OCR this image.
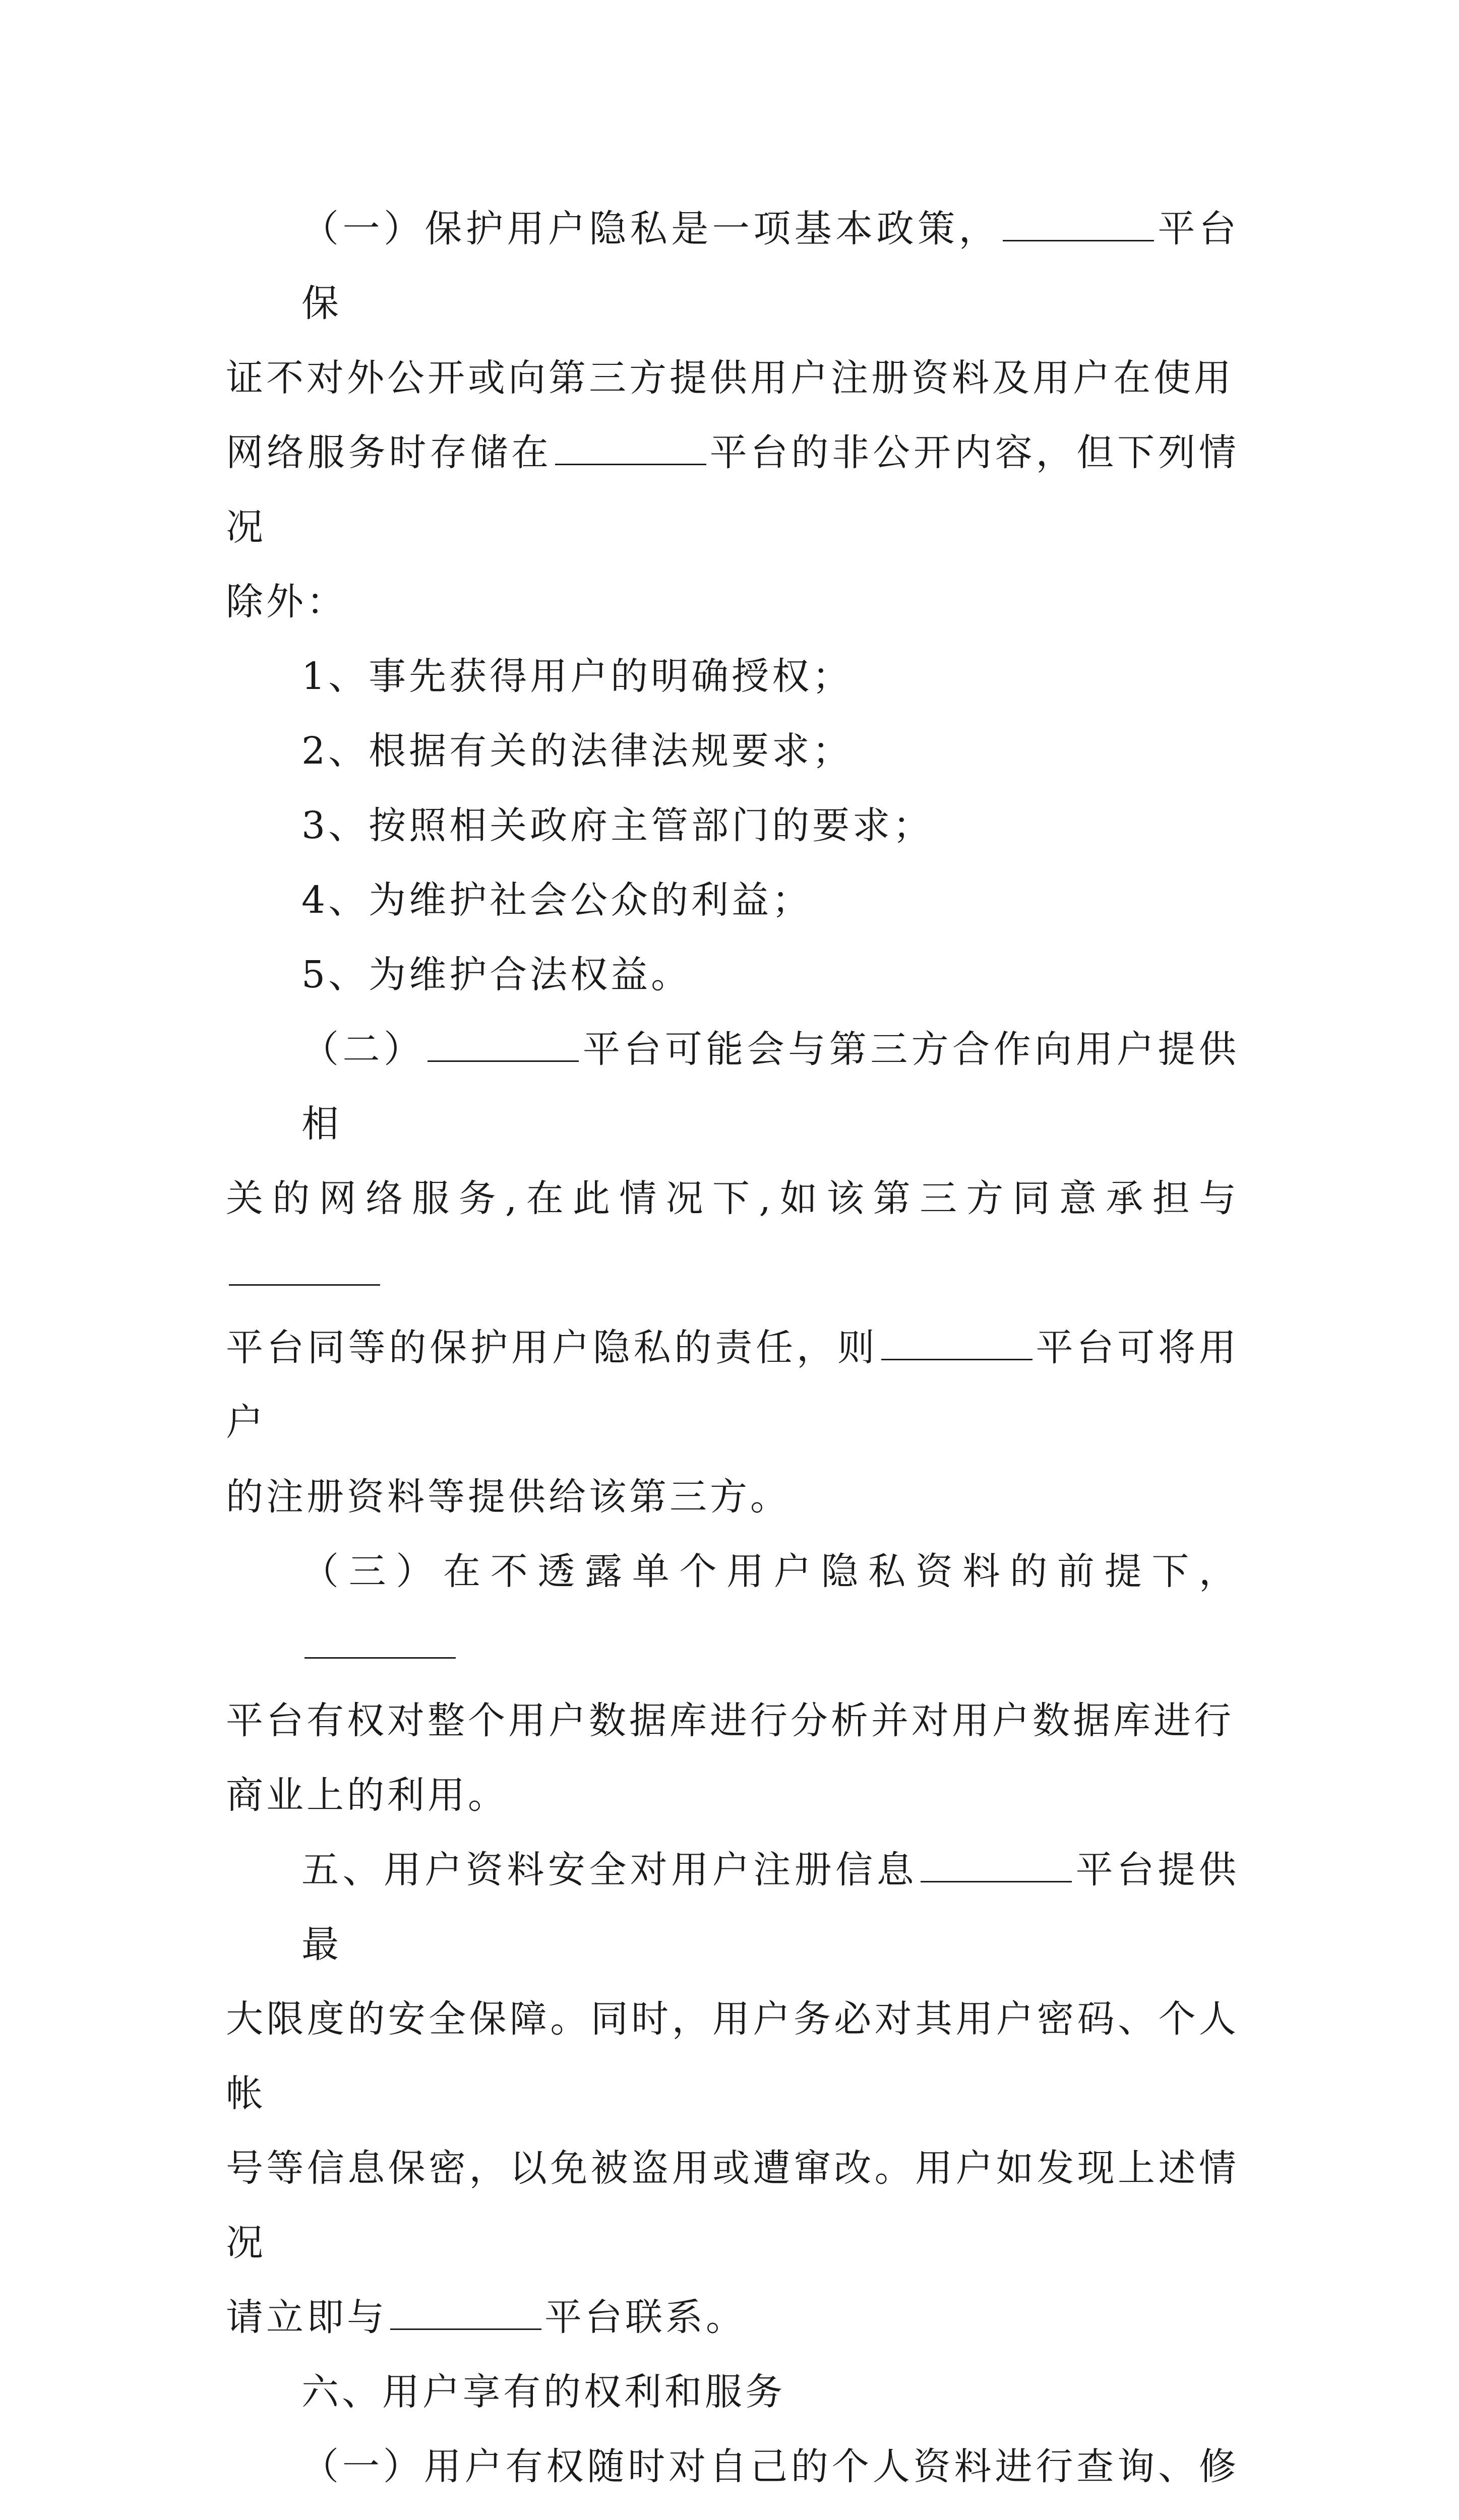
（一）保护用户隐私是一项基本政策，	平台保
证不对外公开或向第三方提供用户注册资料及用户在使用
网络服务时存储在	平台的非公开内容，但下列情况
除外：

1、事先获得用户的明确授权；

2、根据有关的法律法规要求；

3、按照相关政府主管部门的要求；

4、为维护社会公众的利益；

5、为维护合法权益。

（二）	平台可能会与第三方合作向用户提供相
关的网络服务,在此情况下,如该第三方同意承担与
平台同等的保护用户隐私的责任，则	平台可将用户
的注册资料等提供给该第三方。

（三）在不透露单个用户隐私资料的前提下，
平台有权对整个用户数据库进行分析并对用户数据库进行
商业上的利用。

五、用户资料安全对用户注册信息	平台提供最
大限度的安全保障。同时，用户务必对其用户密码、个人帐
号等信息保密，以免被盗用或遭窜改。用户如发现上述情况
请立即与	平台联系。

六、用户享有的权利和服务

（一）用户有权随时对自己的个人资料进行查询、修
